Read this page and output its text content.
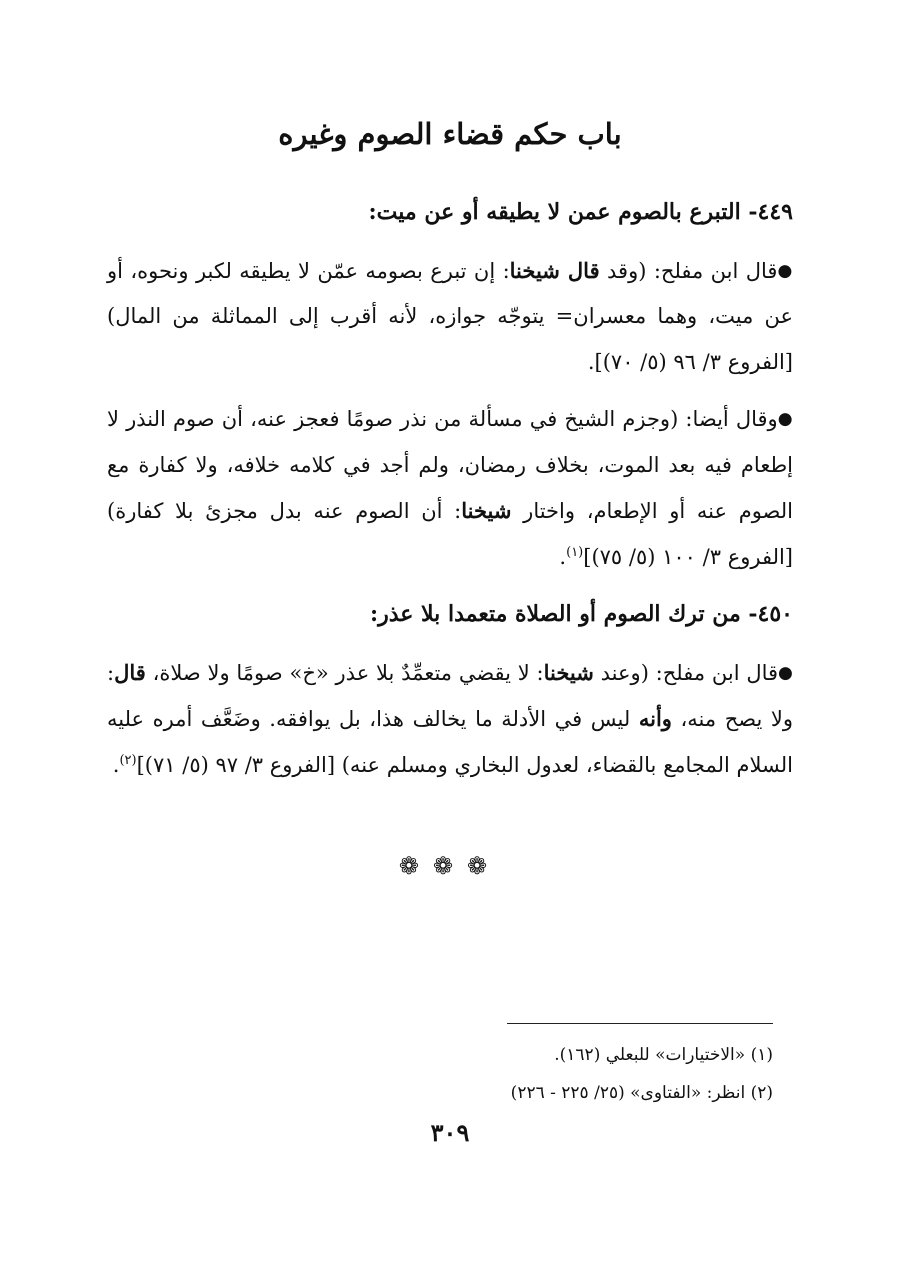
باب حكم قضاء الصوم وغيره

٤٤٩- التبرع بالصوم عمن لا يطيقه أو عن ميت:

●قال ابن مفلح: (وقد قال شيخنا: إن تبرع بصومه عمّن لا يطيقه لكبر ونحوه، أو عن ميت، وهما معسران= يتوجّه جوازه، لأنه أقرب إلى المماثلة من المال) [الفروع ٣/ ٩٦ (٥/ ٧٠)].

●وقال أيضا: (وجزم الشيخ في مسألة من نذر صومًا فعجز عنه، أن صوم النذر لا إطعام فيه بعد الموت، بخلاف رمضان، ولم أجد في كلامه خلافه، ولا كفارة مع الصوم عنه أو الإطعام، واختار شيخنا: أن الصوم عنه بدل مجزئ بلا كفارة) [الفروع ٣/ ١٠٠ (٥/ ٧٥)]$^{(١)}$.

٤٥٠- من ترك الصوم أو الصلاة متعمدا بلا عذر:

●قال ابن مفلح: (وعند شيخنا: لا يقضي متعمِّدٌ بلا عذر «خ» صومًا ولا صلاة، قال: ولا يصح منه، وأنه ليس في الأدلة ما يخالف هذا، بل يوافقه. وضَعَّف أمره عليه السلام المجامع بالقضاء، لعدول البخاري ومسلم عنه) [الفروع ٣/ ٩٧ (٥/ ٧١)]$^{(٢)}$.

❁❁❁

(١) «الاختيارات» للبعلي (١٦٢).

(٢) انظر: «الفتاوى» (٢٥/ ٢٢٥ - ٢٢٦)

٣٠٩
